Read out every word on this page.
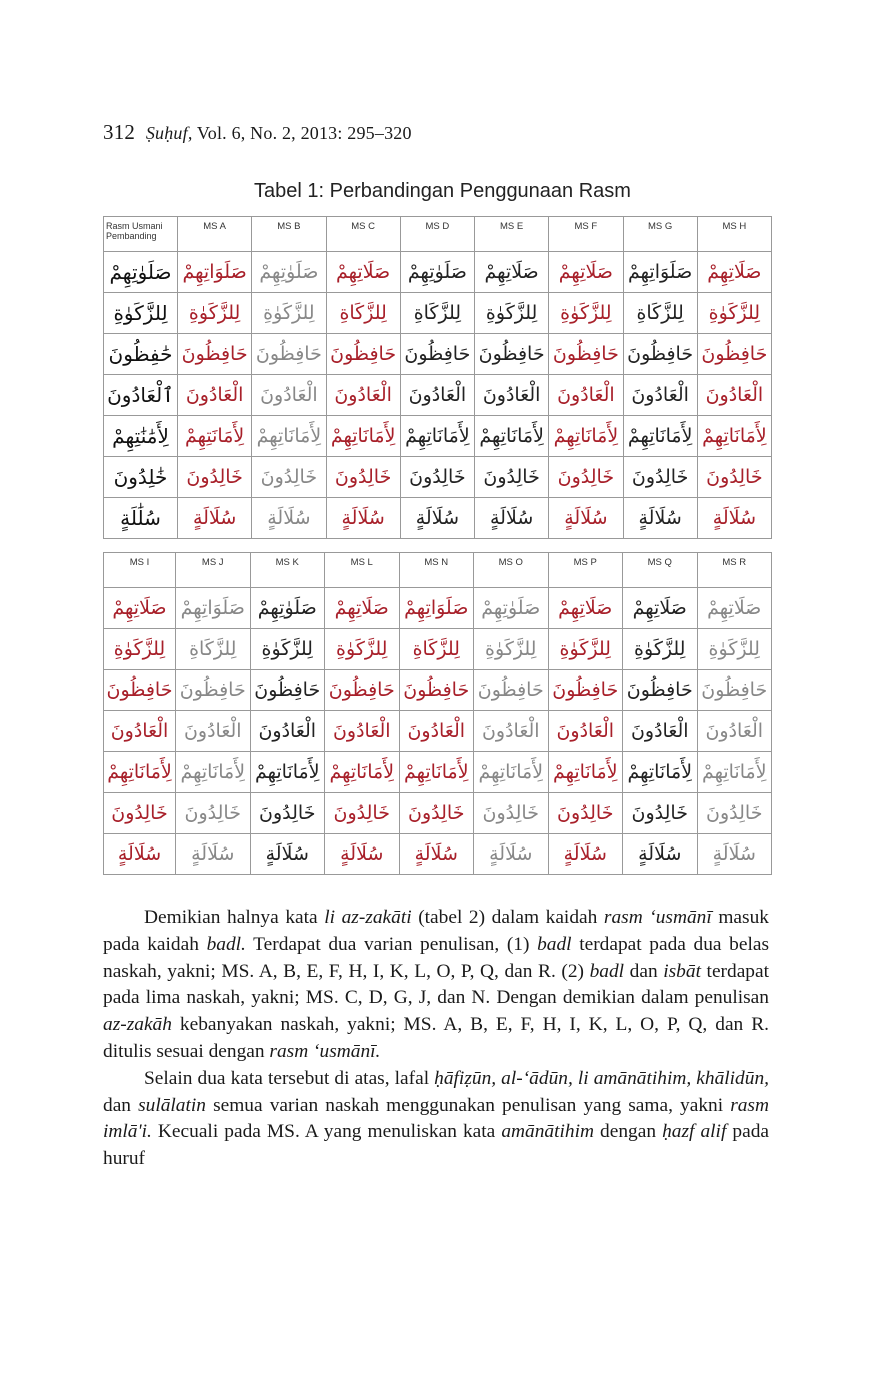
312 Ṣuḥuf, Vol. 6, No. 2, 2013: 295–320
Tabel 1: Perbandingan Penggunaan Rasm
Rasm Usmani Pembanding	MS A	MS B	MS C	MS D	MS E	MS F	MS G	MS H
صَلَوٰتِهِمْ	صَلَوَاتِهِمْ	صَلَوٰتِهِمْ	صَلَاتِهِمْ	صَلَوٰتِهِمْ	صَلَاتِهِمْ	صَلَاتِهِمْ	صَلَوَاتِهِمْ	صَلَاتِهِمْ
لِلزَّكَوٰةِ	لِلزَّكَوٰةِ	لِلزَّكَوٰةِ	لِلزَّكَاةِ	لِلزَّكَاةِ	لِلزَّكَوٰةِ	لِلزَّكَوٰةِ	لِلزَّكَاةِ	لِلزَّكَوٰةِ
حَٰفِظُونَ	حَافِظُونَ	حَافِظُونَ	حَافِظُونَ	حَافِظُونَ	حَافِظُونَ	حَافِظُونَ	حَافِظُونَ	حَافِظُونَ
ٱلْعَادُونَ	الْعَادُونَ	الْعَادُونَ	الْعَادُونَ	الْعَادُونَ	الْعَادُونَ	الْعَادُونَ	الْعَادُونَ	الْعَادُونَ
لِأَمَٰنَٰتِهِمْ	لِأَمَانَتِهِمْ	لِأَمَانَاتِهِمْ	لِأَمَانَاتِهِمْ	لِأَمَانَاتِهِمْ	لِأَمَانَاتِهِمْ	لِأَمَانَاتِهِمْ	لِأَمَانَاتِهِمْ	لِأَمَانَاتِهِمْ
خَٰلِدُونَ	خَالِدُونَ	خَالِدُونَ	خَالِدُونَ	خَالِدُونَ	خَالِدُونَ	خَالِدُونَ	خَالِدُونَ	خَالِدُونَ
سُلَٰلَةٍ	سُلَالَةٍ	سُلَالَةٍ	سُلَالَةٍ	سُلَالَةٍ	سُلَالَةٍ	سُلَالَةٍ	سُلَالَةٍ	سُلَالَةٍ
MS I	MS J	MS K	MS L	MS N	MS O	MS P	MS Q	MS R
صَلَاتِهِمْ	صَلَوَاتِهِمْ	صَلَوٰتِهِمْ	صَلَاتِهِمْ	صَلَوَاتِهِمْ	صَلَوٰتِهِمْ	صَلَاتِهِمْ	صَلَاتِهِمْ	صَلَاتِهِمْ
لِلزَّكَوٰةِ	لِلزَّكَاةِ	لِلزَّكَوٰةِ	لِلزَّكَوٰةِ	لِلزَّكَاةِ	لِلزَّكَوٰةِ	لِلزَّكَوٰةِ	لِلزَّكَوٰةِ	لِلزَّكَوٰةِ
حَافِظُونَ	حَافِظُونَ	حَافِظُونَ	حَافِظُونَ	حَافِظُونَ	حَافِظُونَ	حَافِظُونَ	حَافِظُونَ	حَافِظُونَ
الْعَادُونَ	الْعَادُونَ	الْعَادُونَ	الْعَادُونَ	الْعَادُونَ	الْعَادُونَ	الْعَادُونَ	الْعَادُونَ	الْعَادُونَ
لِأَمَانَاتِهِمْ	لِأَمَانَاتِهِمْ	لِأَمَانَاتِهِمْ	لِأَمَانَاتِهِمْ	لِأَمَانَاتِهِمْ	لِأَمَانَاتِهِمْ	لِأَمَانَاتِهِمْ	لِأَمَانَاتِهِمْ	لِأَمَانَاتِهِمْ
خَالِدُونَ	خَالِدُونَ	خَالِدُونَ	خَالِدُونَ	خَالِدُونَ	خَالِدُونَ	خَالِدُونَ	خَالِدُونَ	خَالِدُونَ
سُلَالَةٍ	سُلَالَةٍ	سُلَالَةٍ	سُلَالَةٍ	سُلَالَةٍ	سُلَالَةٍ	سُلَالَةٍ	سُلَالَةٍ	سُلَالَةٍ

Demikian halnya kata li az-zakāti (tabel 2) dalam kaidah rasm ‘usmānī masuk pada kaidah badl. Terdapat dua varian penulisan, (1) badl terdapat pada dua belas naskah, yakni; MS. A, B, E, F, H, I, K, L, O, P, Q, dan R. (2) badl dan isbāt terdapat pada lima naskah, yakni; MS. C, D, G, J, dan N. Dengan demikian dalam penulisan az-zakāh kebanyakan naskah, yakni; MS. A, B, E, F, H, I, K, L, O, P, Q, dan R. ditulis sesuai dengan rasm ‘usmānī.

Selain dua kata tersebut di atas, lafal ḥāfiẓūn, al-‘ādūn, li amānātihim, khālidūn, dan sulālatin semua varian naskah menggunakan penulisan yang sama, yakni rasm imlā'i. Kecuali pada MS. A yang menuliskan kata amānātihim dengan ḥazf alif pada huruf
